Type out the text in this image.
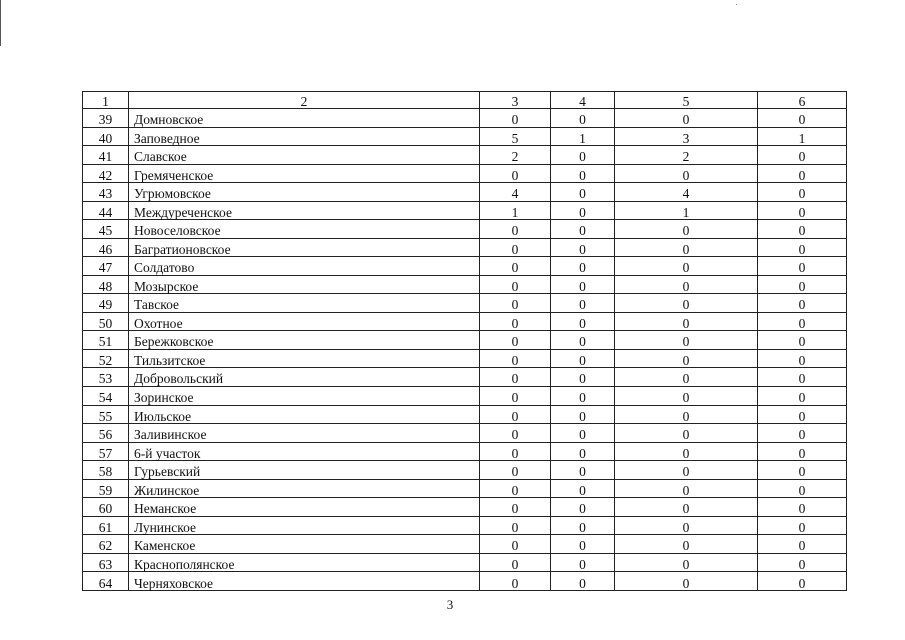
1	2	3	4	5	6
39	Домновское	0	0	0	0
40	Заповедное	5	1	3	1
41	Славское	2	0	2	0
42	Гремяченское	0	0	0	0
43	Угрюмовское	4	0	4	0
44	Междуреченское	1	0	1	0
45	Новоселовское	0	0	0	0
46	Багратионовское	0	0	0	0
47	Солдатово	0	0	0	0
48	Мозырское	0	0	0	0
49	Тавское	0	0	0	0
50	Охотное	0	0	0	0
51	Бережковское	0	0	0	0
52	Тильзитское	0	0	0	0
53	Добровольский	0	0	0	0
54	Зоринское	0	0	0	0
55	Июльское	0	0	0	0
56	Заливинское	0	0	0	0
57	6-й участок	0	0	0	0
58	Гурьевский	0	0	0	0
59	Жилинское	0	0	0	0
60	Неманское	0	0	0	0
61	Лунинское	0	0	0	0
62	Каменское	0	0	0	0
63	Краснополянское	0	0	0	0
64	Черняховское	0	0	0	0
3
